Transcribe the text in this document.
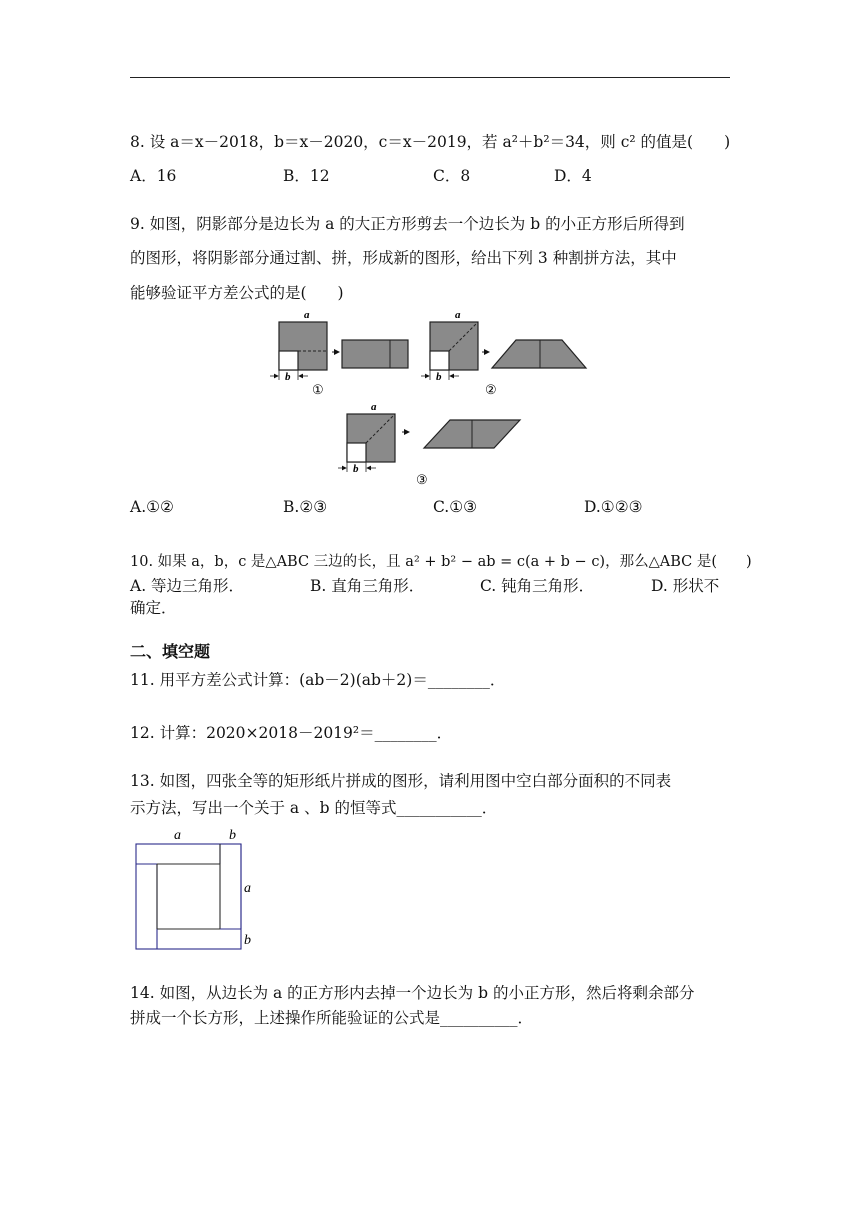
8. 设 a＝x－2018，b＝x－2020，c＝x－2019，若 a²＋b²＝34，则 c² 的值是(　　)
A．16	B．12	C．8	D．4
9. 如图，阴影部分是边长为 a 的大正方形剪去一个边长为 b 的小正方形后所得到
的图形，将阴影部分通过割、拼，形成新的图形，给出下列 3 种割拼方法，其中
能够验证平方差公式的是(　　)
a
b
①
a
b
②
a
b
③
A.①②	B.②③	C.①③	D.①②③
10. 如果 a，b，c 是△ABC 三边的长，且 a² + b² − ab = c(a + b − c)，那么△ABC 是(　　)
A. 等边三角形．	B. 直角三角形．	C. 钝角三角形．	D. 形状不
确定．
二、填空题
11. 用平方差公式计算：(ab－2)(ab＋2)＝________．
12. 计算：2020×2018－2019²＝________．
13. 如图，四张全等的矩形纸片拼成的图形，请利用图中空白部分面积的不同表
示方法，写出一个关于 a 、b 的恒等式___________．
a	b
a
b
14. 如图，从边长为 a 的正方形内去掉一个边长为 b 的小正方形，然后将剩余部分
拼成一个长方形，上述操作所能验证的公式是__________．
